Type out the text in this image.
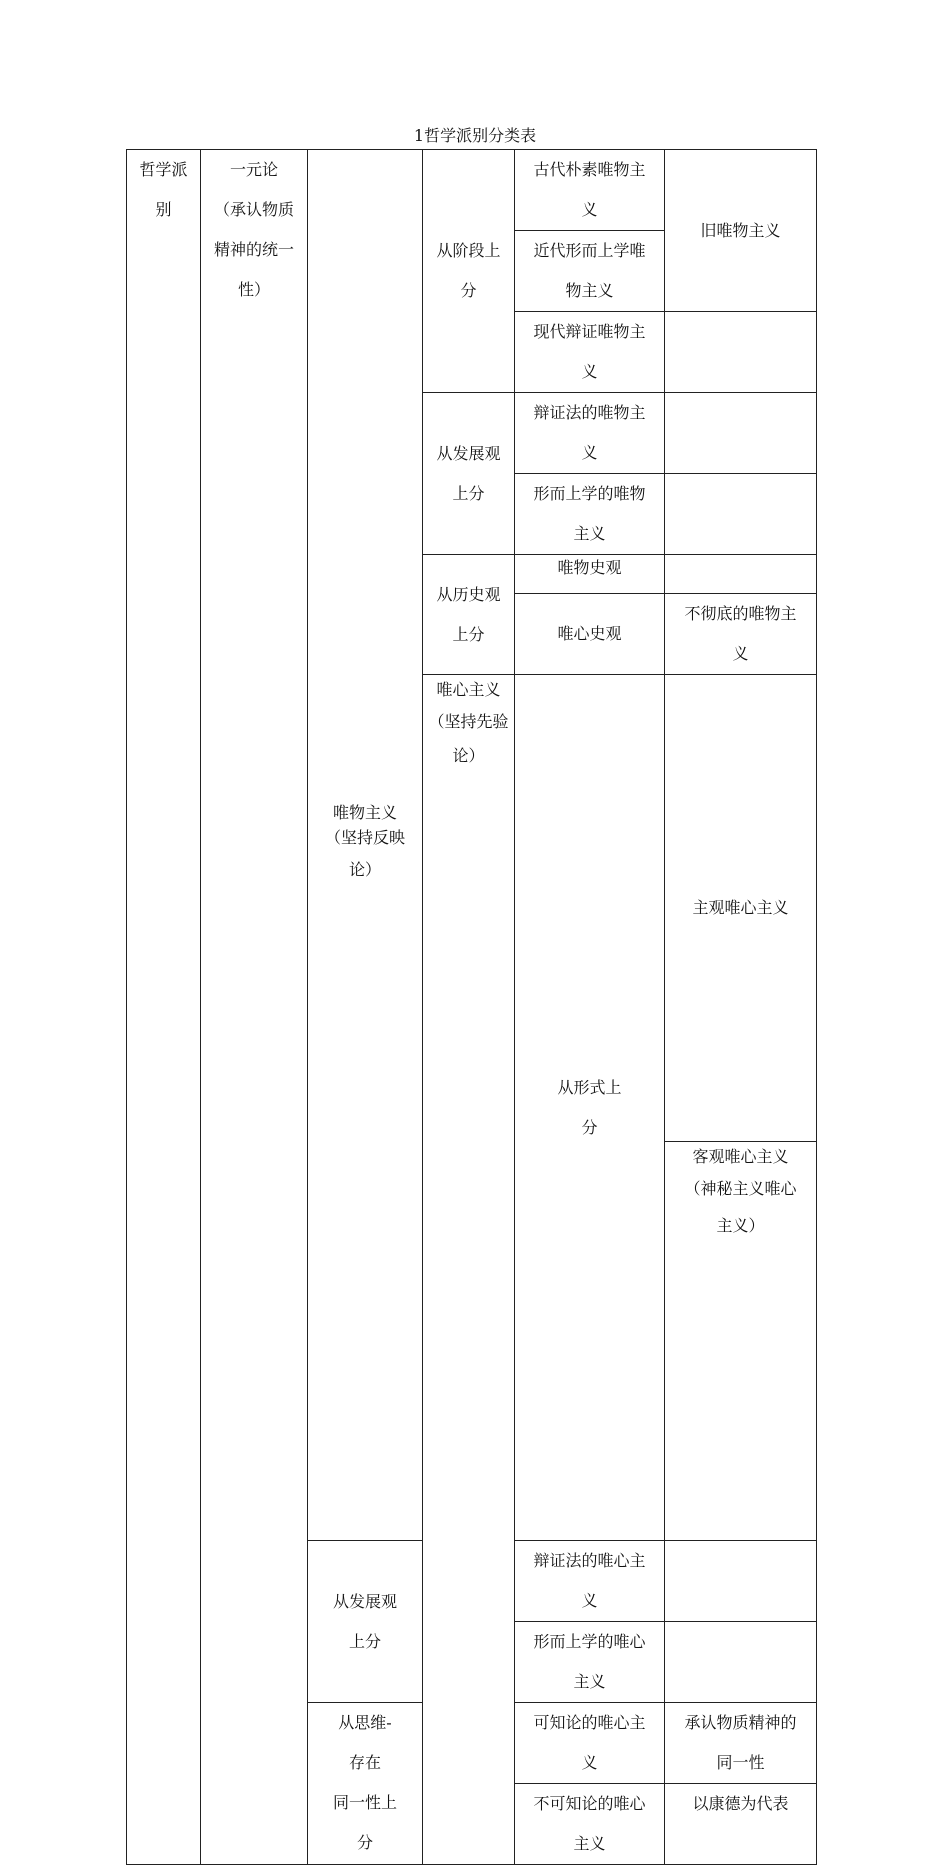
1哲学派别分类表
哲学派
别	一元论
（承认物质
精神的统一
性）	唯物主义
（坚持反映
论）	从阶段上
分	古代朴素唯物主
义	旧唯物主义	

				近代形而上学唯
物主义		

				现代辩证唯物主
义		

			从发展观
上分	辩证法的唯物主
义		

				形而上学的唯物
主义		

			从历史观
上分	唯物史观		

				唯心史观	不彻底的唯物主
义	

			唯心主义
（坚持先验
论）	从形式上
分	主观唯心主义

					客观唯心主义
（神秘主义唯心
主义）

		从发展观
上分		辩证法的唯心主
义		

				形而上学的唯心
主义		

		从思维-
存在
同一性上
分		可知论的唯心主
义	承认物质精神的
同一性	

				不可知论的唯心
主义	以康德为代表	
